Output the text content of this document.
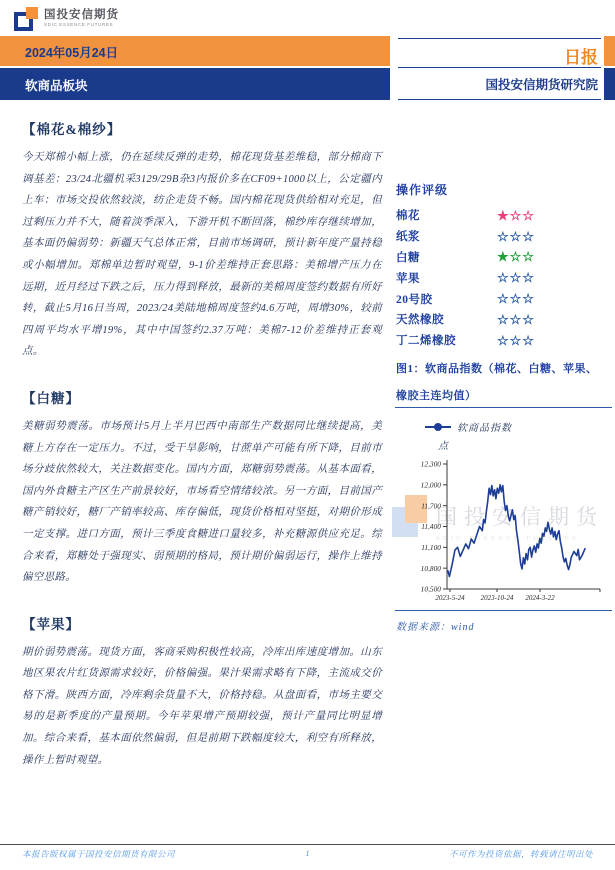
国投安信期货
SDIC ESSENCE FUTURES
2024年05月24日
软商品板块
日报
国投安信期货研究院
【棉花&棉纱】
今天郑棉小幅上涨，仍在延续反弹的走势，棉花现货基差维稳，部分棉商下调基差：23/24北疆机采3129/29B杂3内报价多在CF09+1000以上，公定疆内上车：市场交投依然较淡，纺企走货不畅。国内棉花现货供给相对充足，但过剩压力并不大，随着淡季深入，下游开机不断回落，棉纱库存继续增加，基本面仍偏弱势：新疆天气总体正常，目前市场调研，预计新年度产量持稳或小幅增加。郑棉单边暂时观望，9-1价差维持正套思路：美棉增产压力在远期，近月经过下跌之后，压力得到释放，最新的美棉周度签约数据有所好转，截止5月16日当周，2023/24美陆地棉周度签约4.6万吨，周增30%，较前四周平均水平增19%，其中中国签约2.37万吨：美棉7-12价差维持正套观点。
【白糖】
美糖弱势震荡。市场预计5月上半月巴西中南部生产数据同比继续提高，美糖上方存在一定压力。不过，受干旱影响，甘蔗单产可能有所下降，目前市场分歧依然较大，关注数据变化。国内方面，郑糖弱势震荡。从基本面看，国内外食糖主产区生产前景较好，市场看空情绪较浓。另一方面，目前国产糖产销较好，糖厂产销率较高、库存偏低，现货价格相对坚挺，对期价形成一定支撑。进口方面，预计三季度食糖进口量较多，补充糖源供应充足。综合来看，郑糖处于强现实、弱预期的格局，预计期价偏弱运行，操作上维持偏空思路。
【苹果】
期价弱势震荡。现货方面，客商采购积极性较高，冷库出库速度增加。山东地区果农片红货源需求较好，价格偏强。果汁果需求略有下降，主流成交价格下滑。陕西方面，冷库剩余货量不大，价格持稳。从盘面看，市场主要交易的是新季度的产量预期。今年苹果增产预期较强，预计产量同比明显增加。综合来看，基本面依然偏弱，但是前期下跌幅度较大，利空有所释放，操作上暂时观望。
操作评级
棉花	★☆☆
纸浆	☆☆☆
白糖	★☆☆
苹果	☆☆☆
20号胶	☆☆☆
天然橡胶	☆☆☆
丁二烯橡胶	☆☆☆
图1：软商品指数（棉花、白糖、苹果、橡胶主连均值）
软商品指数
点
国投安信期货
SDIC ESSENCE FUTURES
10,500
10,800
11,100
11,400
11,700
12,000
12,300
2023-5-24 2023-10-24 2024-3-22
数据来源：wind
本报告版权属于国投安信期货有限公司	1	不可作为投资依据，转载请注明出处
